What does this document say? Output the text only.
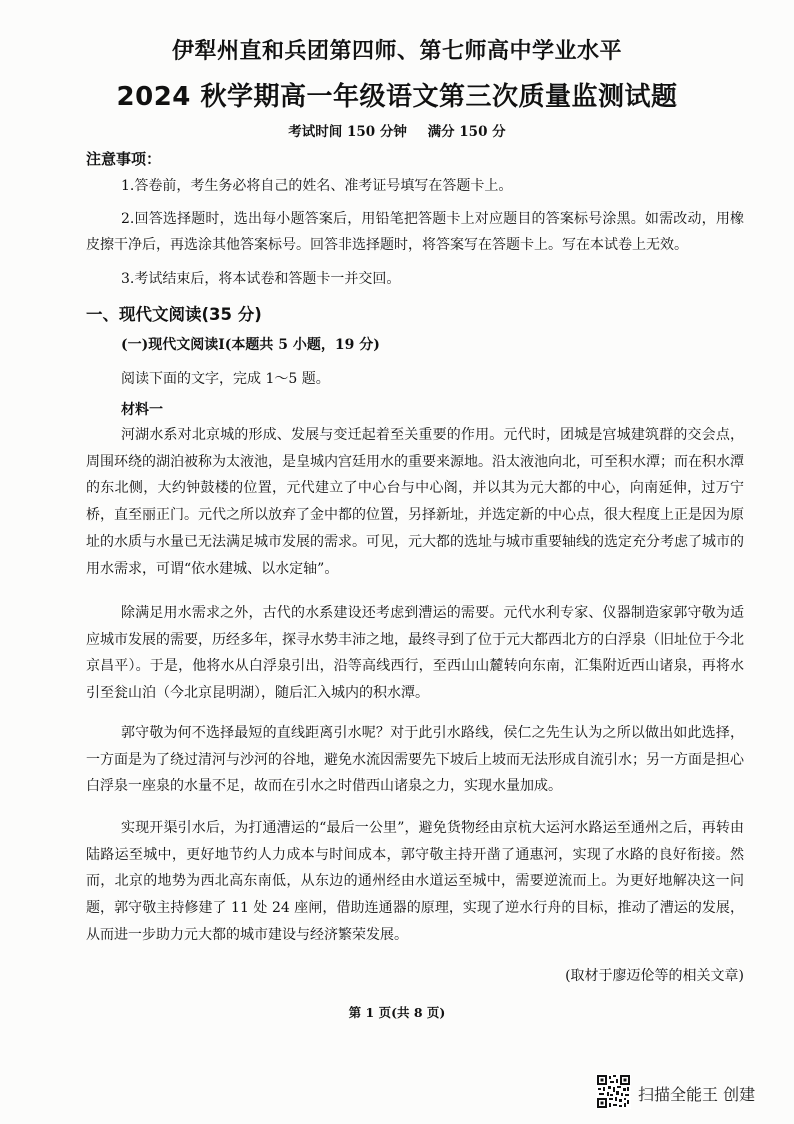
伊犁州直和兵团第四师、第七师高中学业水平
2024 秋学期高一年级语文第三次质量监测试题
考试时间 150 分钟 满分 150 分
注意事项：
1.答卷前，考生务必将自己的姓名、准考证号填写在答题卡上。
2.回答选择题时，选出每小题答案后，用铅笔把答题卡上对应题目的答案标号涂黑。如需改动，用橡皮擦干净后，再选涂其他答案标号。回答非选择题时，将答案写在答题卡上。写在本试卷上无效。
3.考试结束后，将本试卷和答题卡一并交回。
一、现代文阅读(35 分)
(一)现代文阅读Ⅰ(本题共 5 小题，19 分)
阅读下面的文字，完成 1～5 题。
材料一
河湖水系对北京城的形成、发展与变迁起着至关重要的作用。元代时，团城是宫城建筑群的交会点，周围环绕的湖泊被称为太液池，是皇城内宫廷用水的重要来源地。沿太液池向北，可至积水潭；而在积水潭的东北侧，大约钟鼓楼的位置，元代建立了中心台与中心阁，并以其为元大都的中心，向南延伸，过万宁桥，直至丽正门。元代之所以放弃了金中都的位置，另择新址，并选定新的中心点，很大程度上正是因为原址的水质与水量已无法满足城市发展的需求。可见，元大都的选址与城市重要轴线的选定充分考虑了城市的用水需求，可谓“依水建城、以水定轴”。
除满足用水需求之外，古代的水系建设还考虑到漕运的需要。元代水利专家、仪器制造家郭守敬为适应城市发展的需要，历经多年，探寻水势丰沛之地，最终寻到了位于元大都西北方的白浮泉（旧址位于今北京昌平）。于是，他将水从白浮泉引出，沿等高线西行，至西山山麓转向东南，汇集附近西山诸泉，再将水引至瓮山泊（今北京昆明湖），随后汇入城内的积水潭。
郭守敬为何不选择最短的直线距离引水呢？对于此引水路线，侯仁之先生认为之所以做出如此选择，一方面是为了绕过清河与沙河的谷地，避免水流因需要先下坡后上坡而无法形成自流引水；另一方面是担心白浮泉一座泉的水量不足，故而在引水之时借西山诸泉之力，实现水量加成。
实现开渠引水后，为打通漕运的“最后一公里”，避免货物经由京杭大运河水路运至通州之后，再转由陆路运至城中，更好地节约人力成本与时间成本，郭守敬主持开凿了通惠河，实现了水路的良好衔接。然而，北京的地势为西北高东南低，从东边的通州经由水道运至城中，需要逆流而上。为更好地解决这一问题，郭守敬主持修建了 11 处 24 座闸，借助连通器的原理，实现了逆水行舟的目标，推动了漕运的发展，从而进一步助力元大都的城市建设与经济繁荣发展。
(取材于廖迈伦等的相关文章)
第 1 页(共 8 页)
扫描全能王 创建
